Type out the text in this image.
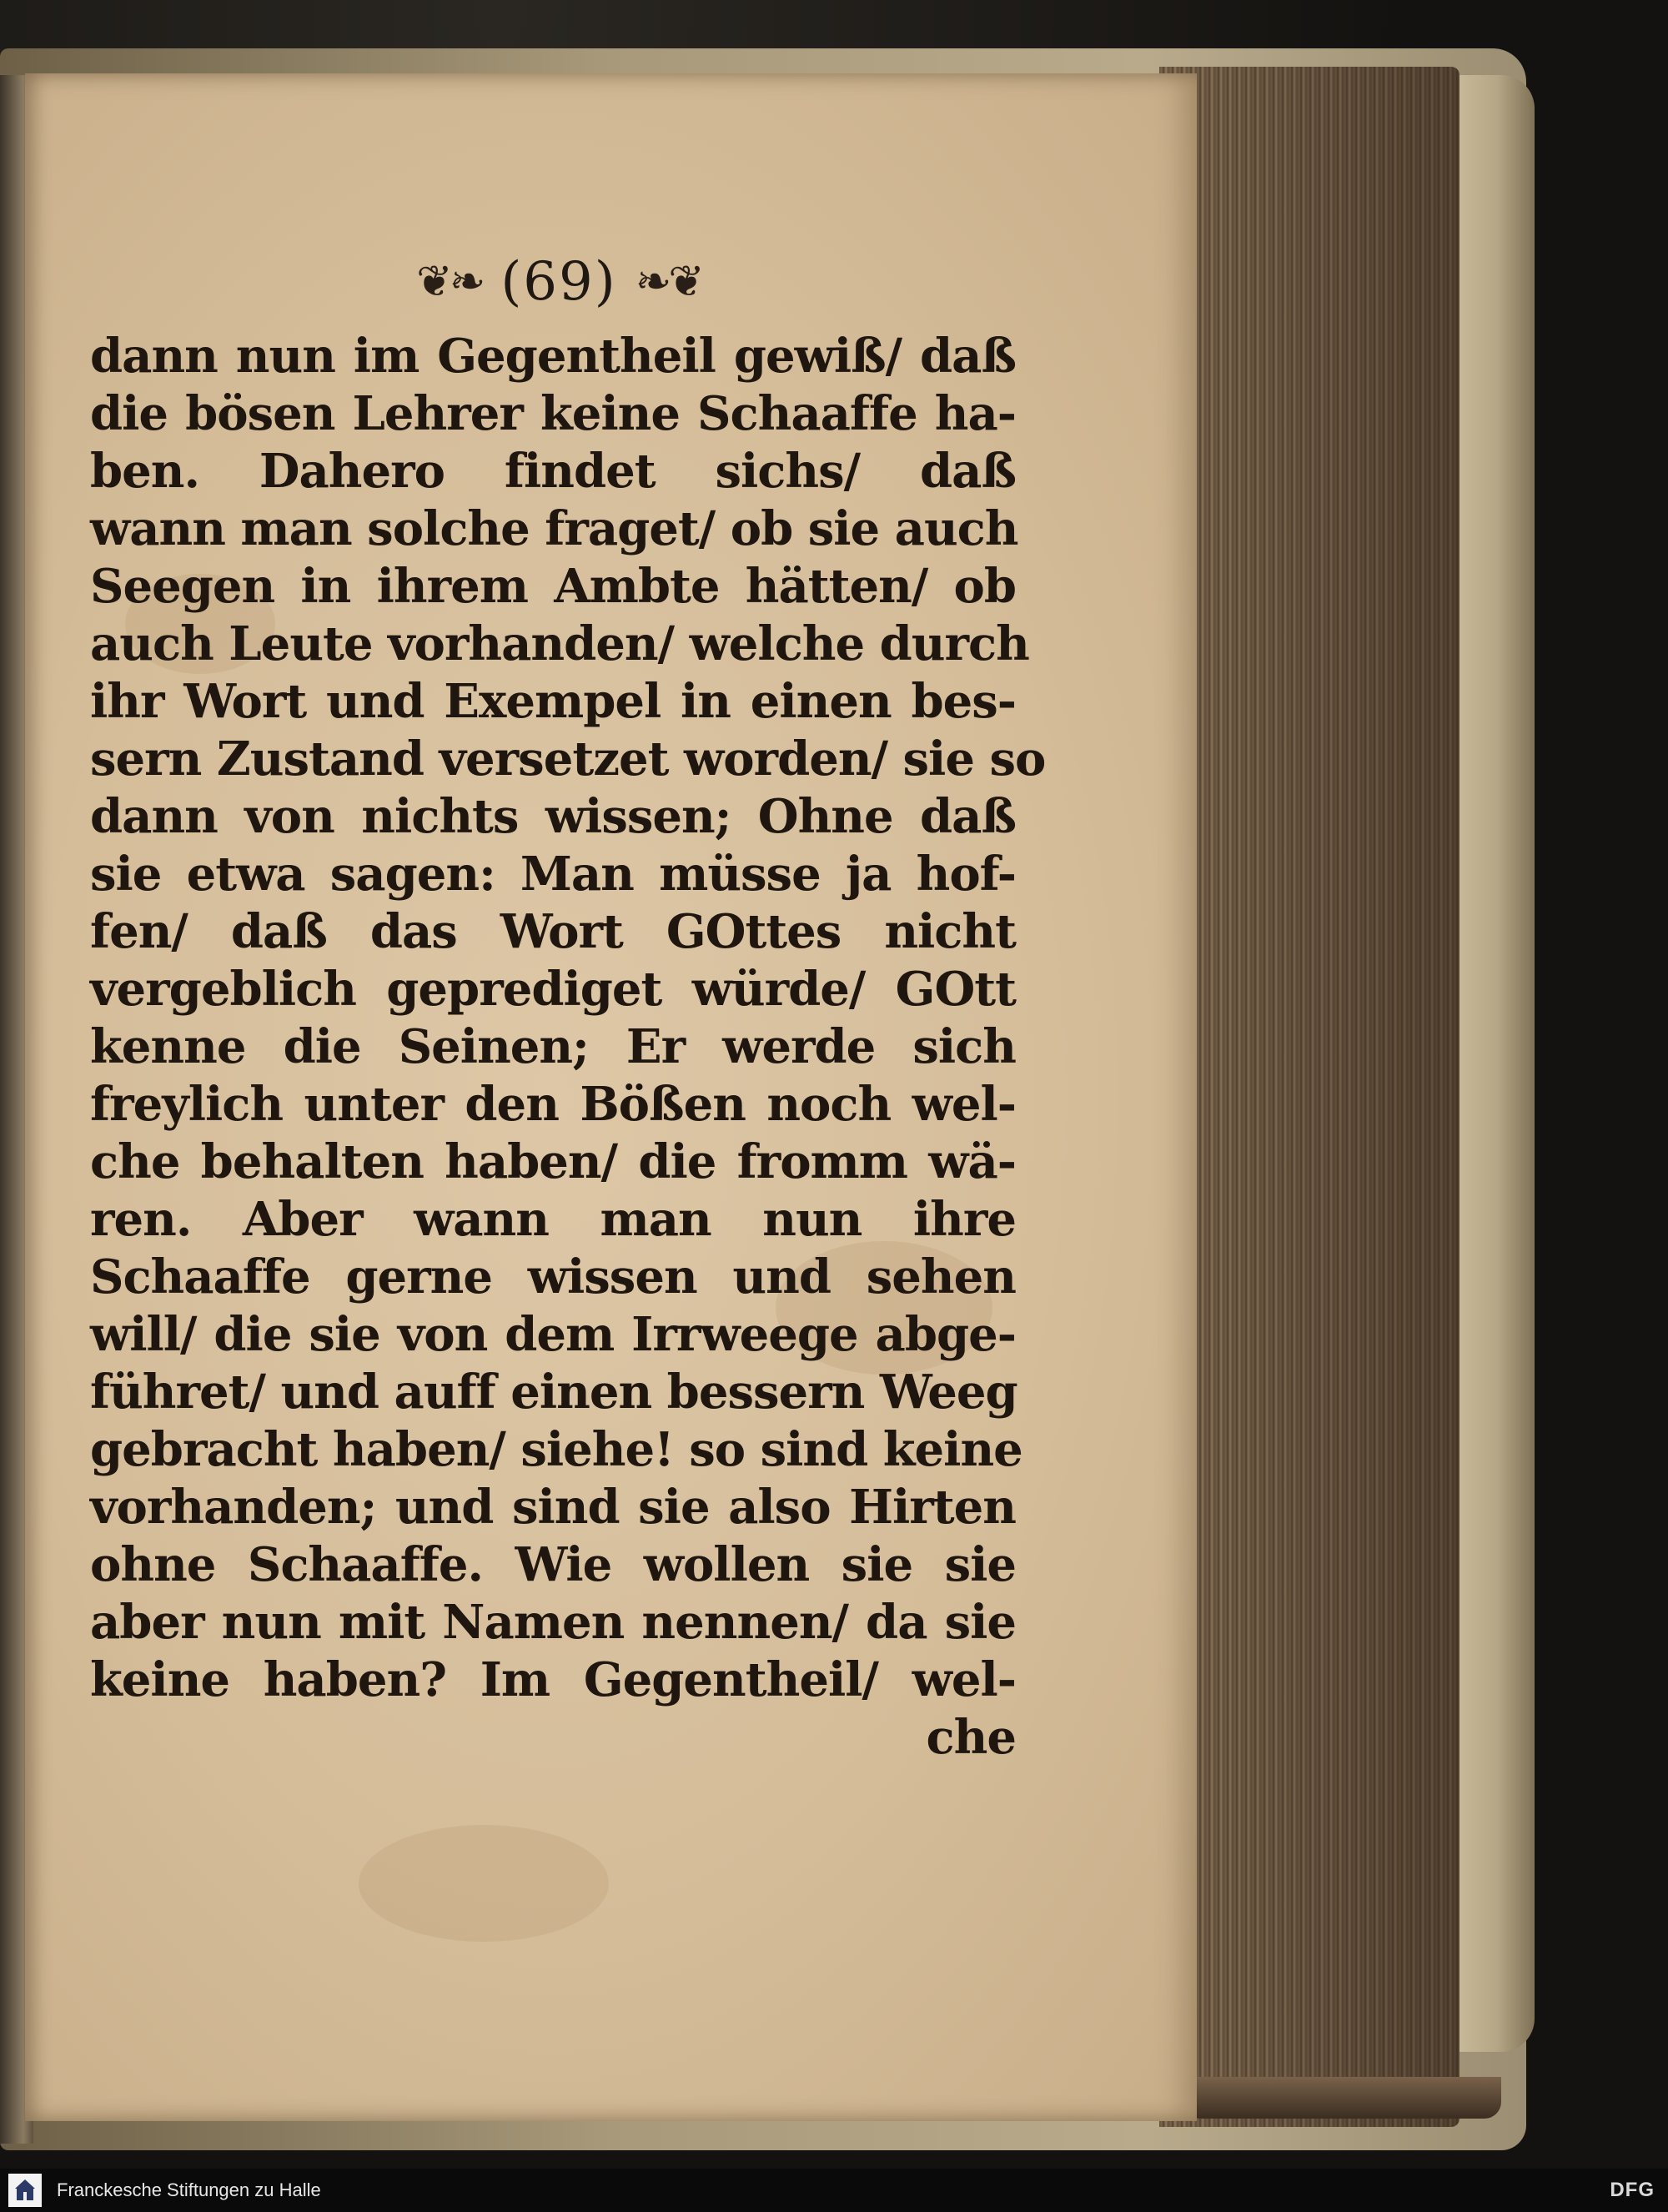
❦❧ (69) ❧❦
dann nun im Gegentheil gewiß/ daß
die bösen Lehrer keine Schaaffe ha-
ben. Dahero findet sichs/ daß
wann man solche fraget/ ob sie auch
Seegen in ihrem Ambte hätten/ ob
auch Leute vorhanden/ welche durch
ihr Wort und Exempel in einen bes-
sern Zustand versetzet worden/ sie so
dann von nichts wissen; Ohne daß
sie etwa sagen: Man müsse ja hof-
fen/ daß das Wort GOttes nicht
vergeblich geprediget würde/ GOtt
kenne die Seinen; Er werde sich
freylich unter den Bößen noch wel-
che behalten haben/ die fromm wä-
ren. Aber wann man nun ihre
Schaaffe gerne wissen und sehen
will/ die sie von dem Irrweege abge-
führet/ und auff einen bessern Weeg
gebracht haben/ siehe! so sind keine
vorhanden; und sind sie also Hirten
ohne Schaaffe. Wie wollen sie sie
aber nun mit Namen nennen/ da sie
keine haben? Im Gegentheil/ wel-
che
Franckesche Stiftungen zu Halle	DFG
